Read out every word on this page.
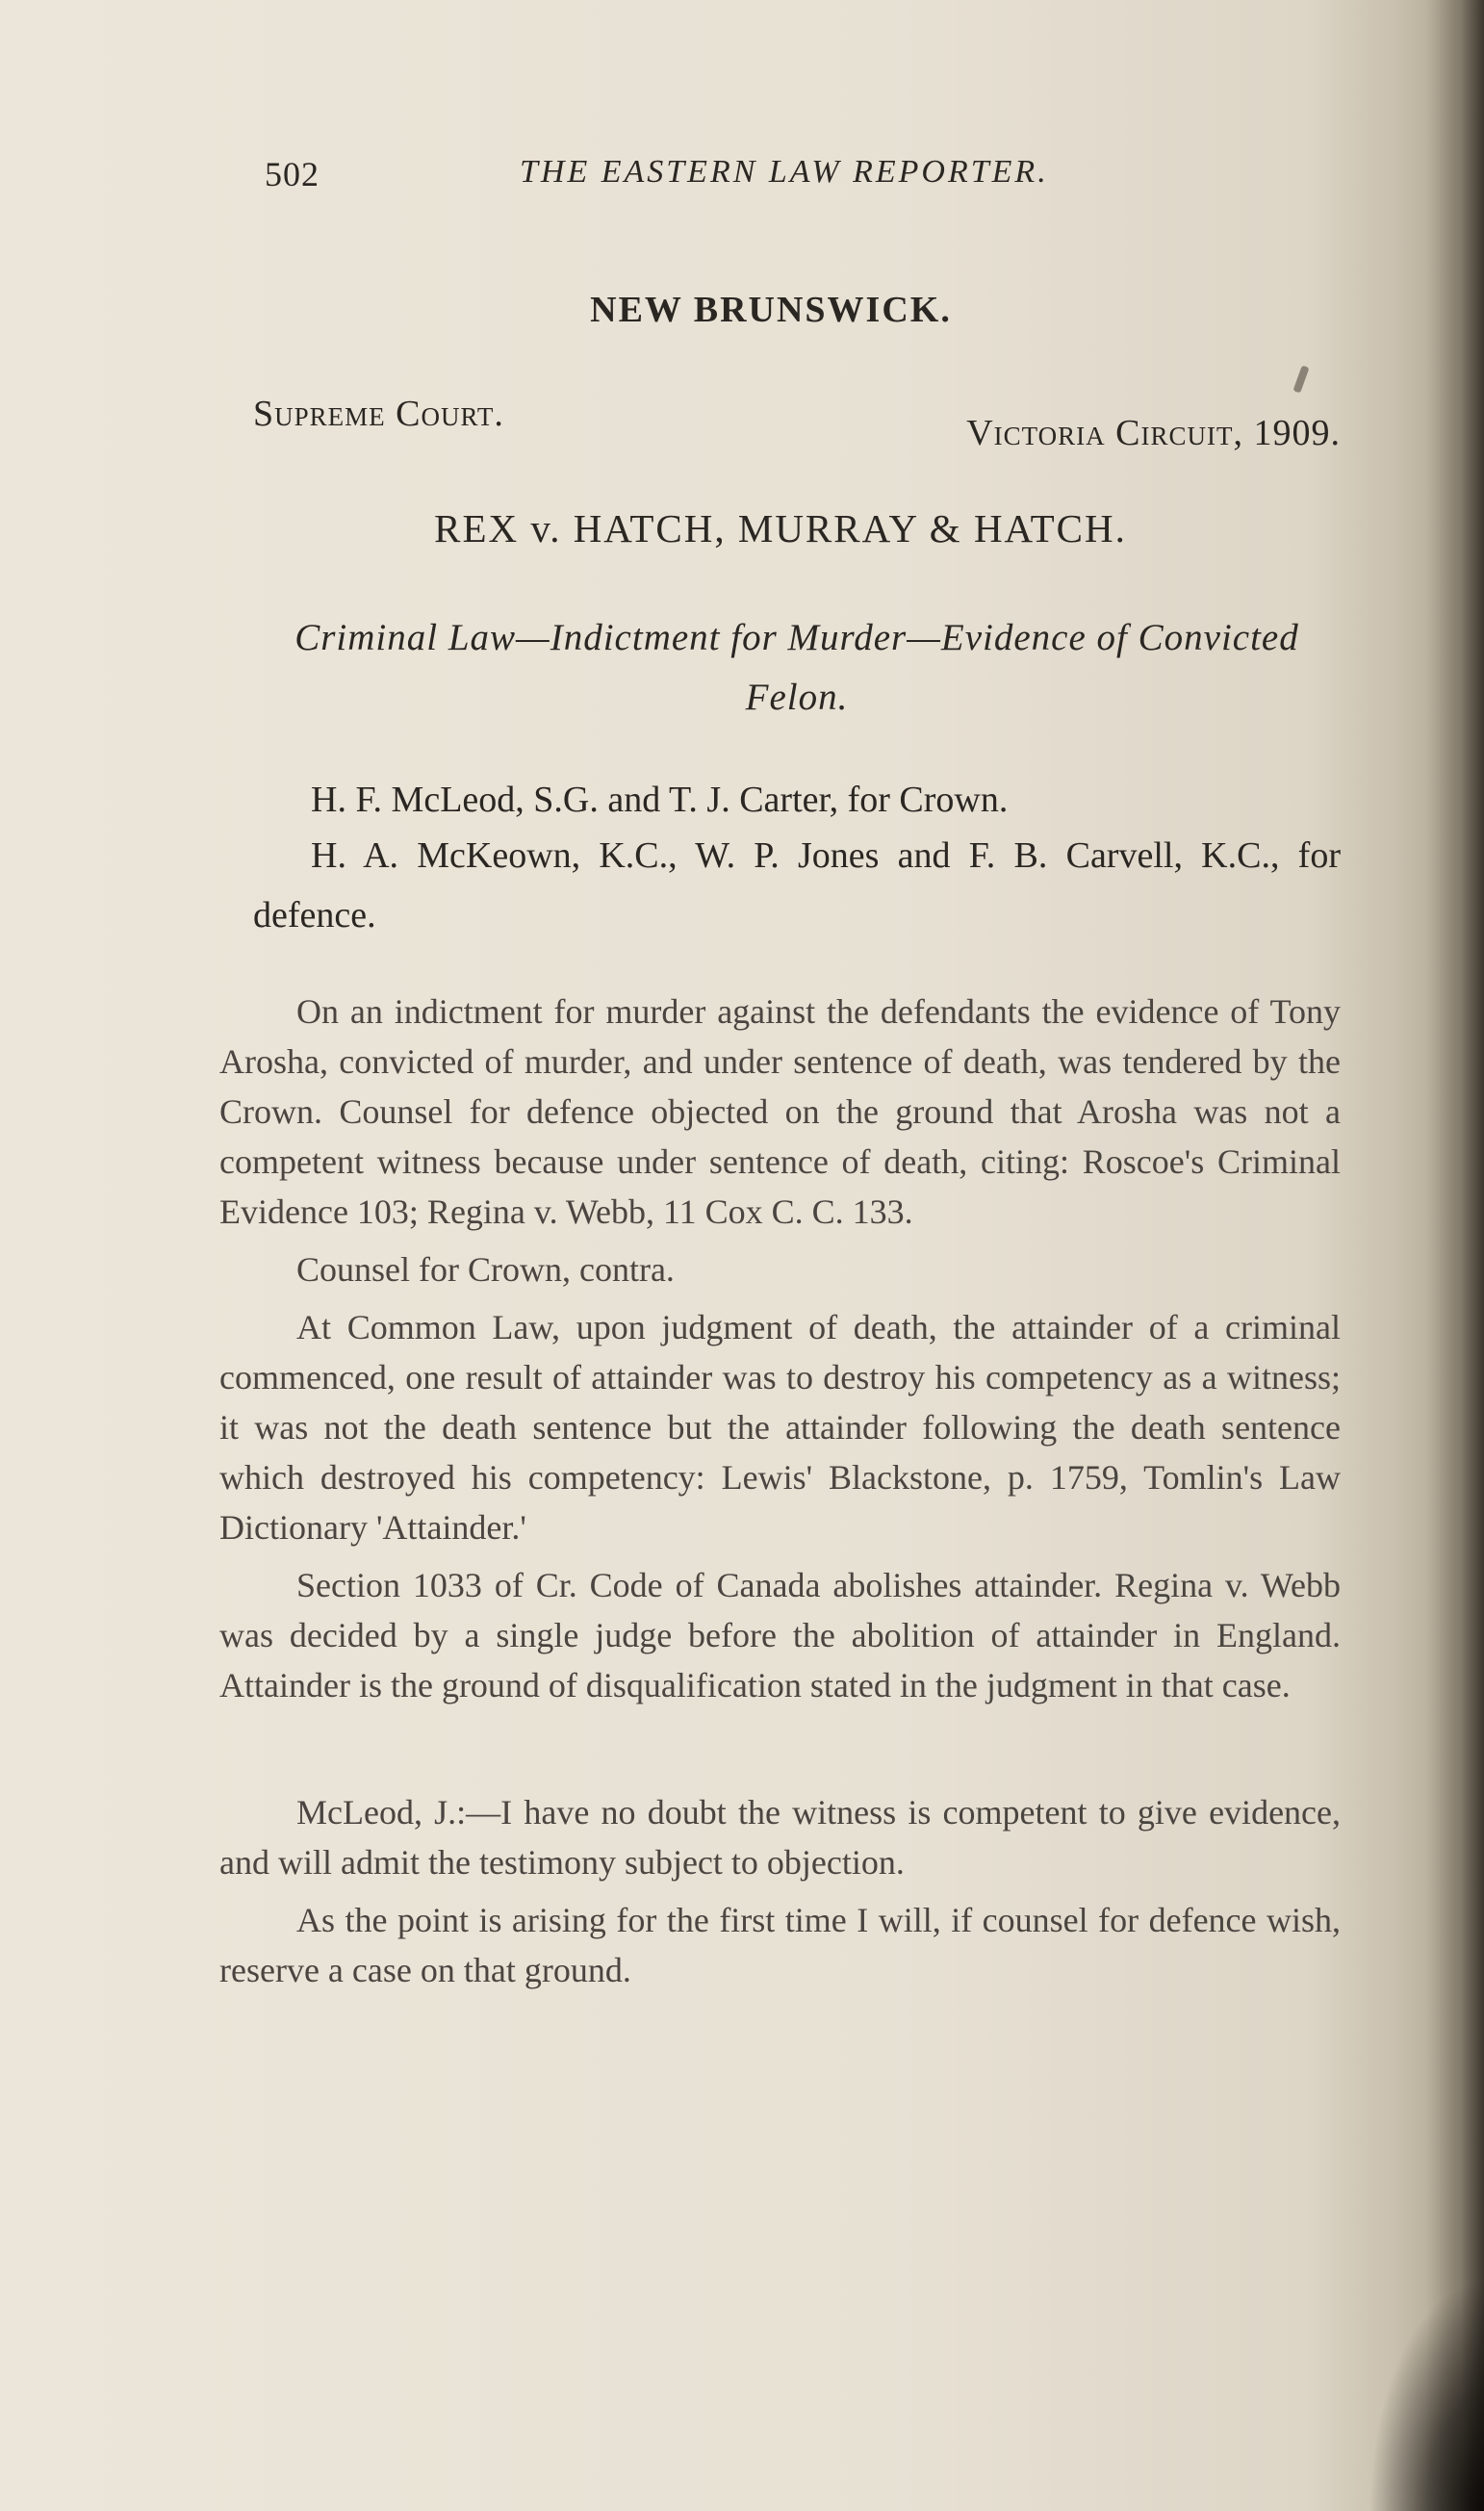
502	THE EASTERN LAW REPORTER.
NEW BRUNSWICK.
Supreme Court.	Victoria Circuit, 1909.
REX v. HATCH, MURRAY & HATCH.
Criminal Law—Indictment for Murder—Evidence of Convicted Felon.
H. F. McLeod, S.G. and T. J. Carter, for Crown.
H. A. McKeown, K.C., W. P. Jones and F. B. Carvell, K.C., for defence.

On an indictment for murder against the defendants the evidence of Tony Arosha, convicted of murder, and under sentence of death, was tendered by the Crown. Counsel for defence objected on the ground that Arosha was not a competent witness because under sentence of death, citing: Roscoe's Criminal Evidence 103; Regina v. Webb, 11 Cox C. C. 133.

Counsel for Crown, contra.

At Common Law, upon judgment of death, the attainder of a criminal commenced, one result of attainder was to destroy his competency as a witness; it was not the death sentence but the attainder following the death sentence which destroyed his competency: Lewis' Blackstone, p. 1759, Tomlin's Law Dictionary 'Attainder.'

Section 1033 of Cr. Code of Canada abolishes attainder. Regina v. Webb was decided by a single judge before the abolition of attainder in England. Attainder is the ground of disqualification stated in the judgment in that case.

McLeod, J.:—I have no doubt the witness is competent to give evidence, and will admit the testimony subject to objection.

As the point is arising for the first time I will, if counsel for defence wish, reserve a case on that ground.
